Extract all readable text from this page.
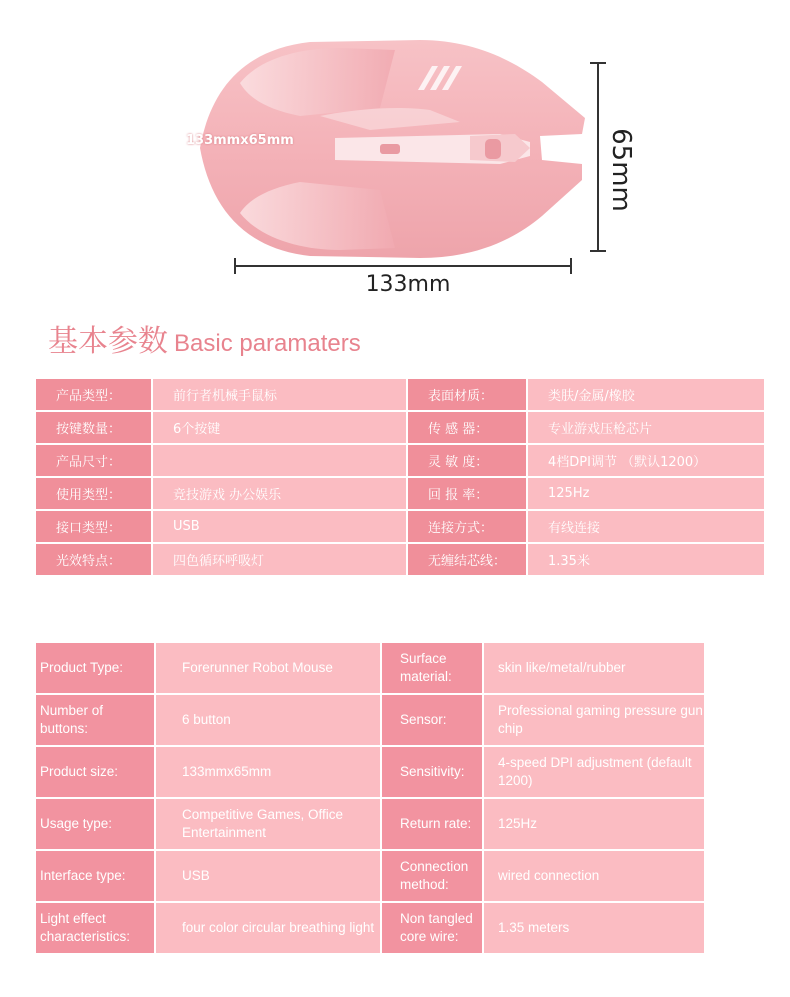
133mmx65mm	65mm
133mm
基本参数 Basic paramaters
产品类型：	前行者机械手鼠标	表面材质：	类肤/金属/橡胶
按键数量：	6个按键	传 感 器：	专业游戏压枪芯片
产品尺寸：		灵 敏 度：	4档DPI调节 （默认1200）
使用类型：	竞技游戏 办公娱乐	回 报 率：	125Hz
接口类型：	USB	连接方式：	有线连接
光效特点：	四色循环呼吸灯	无缠结芯线：	1.35米
Product Type:	Forerunner Robot Mouse	Surface material:	skin like/metal/rubber
Number of buttons:	6 button	Sensor:	Professional gaming pressure gun chip
Product size:	133mmx65mm	Sensitivity:	4-speed DPI adjustment (default 1200)
Usage type:	Competitive Games, Office Entertainment	Return rate:	125Hz
Interface type:	USB	Connection method:	wired connection
Light effect characteristics:	four color circular breathing light	Non tangled core wire:	1.35 meters
